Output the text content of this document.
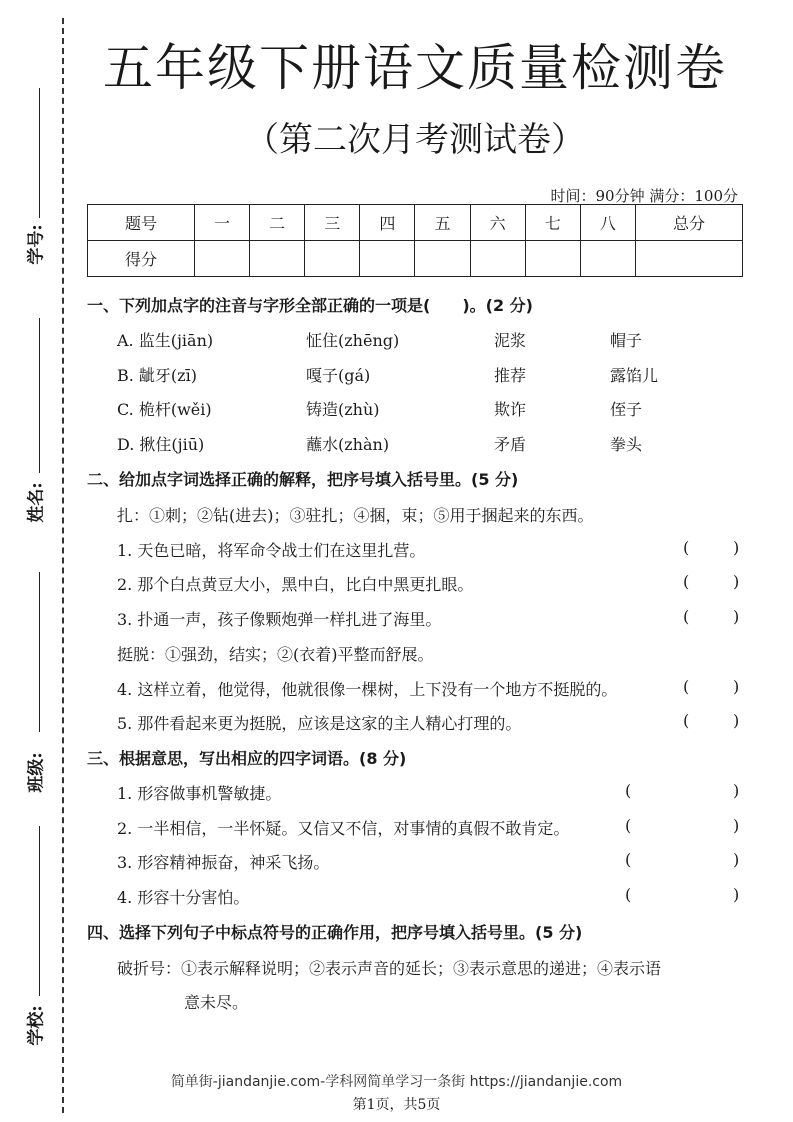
学号:
姓名:
班级:
学校:
五年级下册语文质量检测卷
（第二次月考测试卷）
时间：90分钟 满分：100分
题号	一	二	三	四	五	六	七	八	总分
得分									
一、下列加点字的注音与字形全部正确的一项是(　　)。(2 分)
A. 监生(jiān)	怔住(zhēng)	泥浆	帽子
B. 龇牙(zī)	嘎子(gá)	推荐	露馅儿
C. 桅杆(wěi)	铸造(zhù)	欺诈	侄子
D. 揪住(jiū)	蘸水(zhàn)	矛盾	拳头
二、给加点字词选择正确的解释，把序号填入括号里。(5 分)
扎：①刺；②钻(进去)；③驻扎；④捆，束；⑤用于捆起来的东西。
1. 天色已暗，将军命令战士们在这里扎营。	(	)
2. 那个白点黄豆大小，黑中白，比白中黑更扎眼。	(	)
3. 扑通一声，孩子像颗炮弹一样扎进了海里。	(	)
挺脱：①强劲，结实；②(衣着)平整而舒展。
4. 这样立着，他觉得，他就很像一棵树，上下没有一个地方不挺脱的。	(	)
5. 那件看起来更为挺脱，应该是这家的主人精心打理的。	(	)
三、根据意思，写出相应的四字词语。(8 分)
1. 形容做事机警敏捷。	(	)
2. 一半相信，一半怀疑。又信又不信，对事情的真假不敢肯定。	(	)
3. 形容精神振奋，神采飞扬。	(	)
4. 形容十分害怕。	(	)
四、选择下列句子中标点符号的正确作用，把序号填入括号里。(5 分)
破折号：①表示解释说明；②表示声音的延长；③表示意思的递进；④表示语
意未尽。
简单街-jiandanjie.com-学科网简单学习一条街 https://jiandanjie.com
第1页，共5页
